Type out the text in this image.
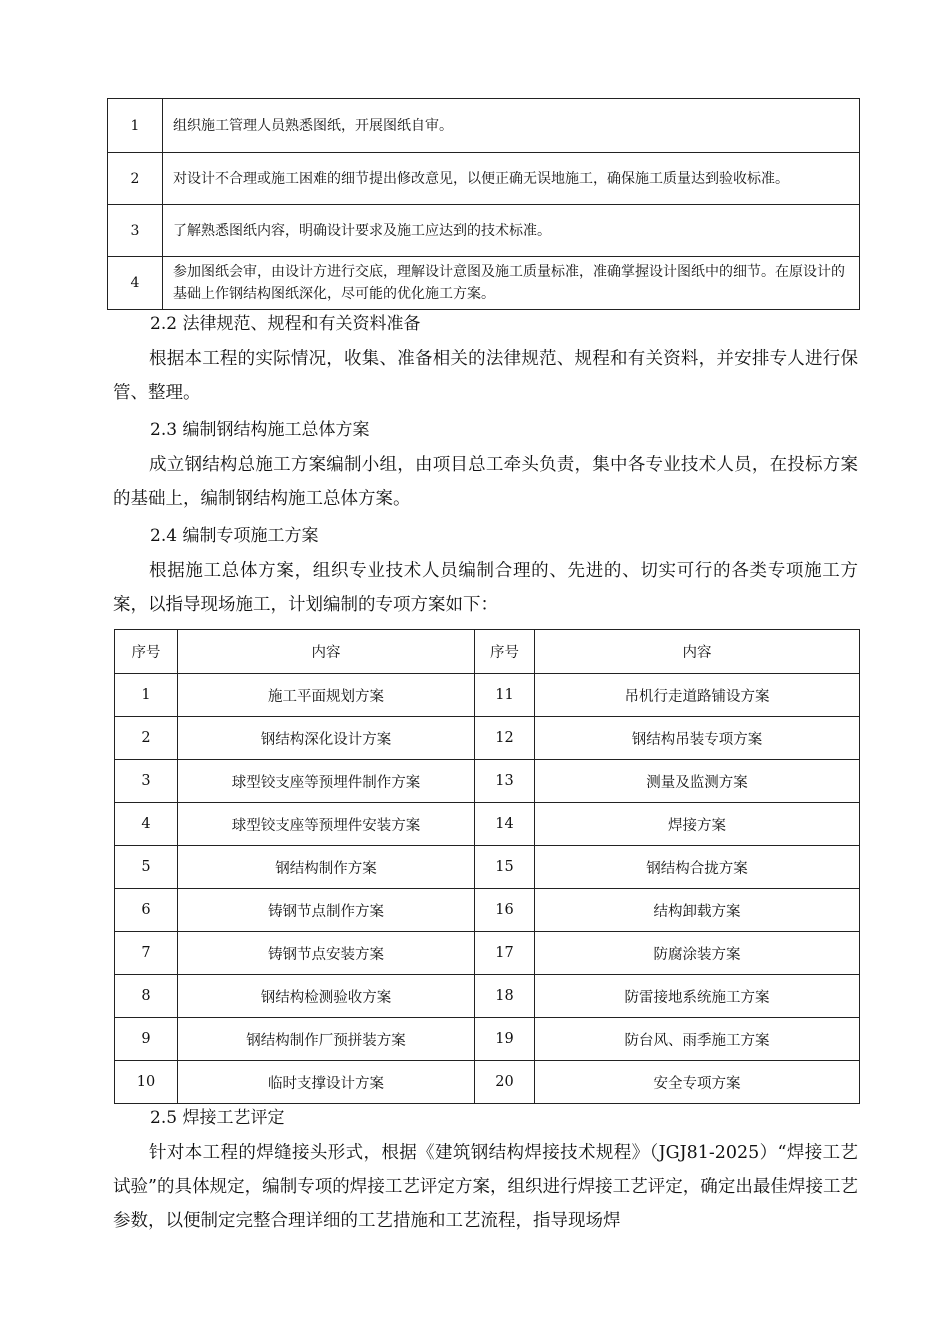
1	组织施工管理人员熟悉图纸，开展图纸自审。
2	对设计不合理或施工困难的细节提出修改意见，以便正确无误地施工，确保施工质量达到验收标准。
3	了解熟悉图纸内容，明确设计要求及施工应达到的技术标准。
4	参加图纸会审，由设计方进行交底，理解设计意图及施工质量标准，准确掌握设计图纸中的细节。在原设计的基础上作钢结构图纸深化，尽可能的优化施工方案。
2.2 法律规范、规程和有关资料准备
根据本工程的实际情况，收集、准备相关的法律规范、规程和有关资料，并安排专人进行保管、整理。
2.3 编制钢结构施工总体方案
成立钢结构总施工方案编制小组，由项目总工牵头负责，集中各专业技术人员，在投标方案的基础上，编制钢结构施工总体方案。
2.4 编制专项施工方案
根据施工总体方案，组织专业技术人员编制合理的、先进的、切实可行的各类专项施工方案，以指导现场施工，计划编制的专项方案如下：
序号	内容	序号	内容
1	施工平面规划方案	11	吊机行走道路铺设方案
2	钢结构深化设计方案	12	钢结构吊装专项方案
3	球型铰支座等预埋件制作方案	13	测量及监测方案
4	球型铰支座等预埋件安装方案	14	焊接方案
5	钢结构制作方案	15	钢结构合拢方案
6	铸钢节点制作方案	16	结构卸载方案
7	铸钢节点安装方案	17	防腐涂装方案
8	钢结构检测验收方案	18	防雷接地系统施工方案
9	钢结构制作厂预拼装方案	19	防台风、雨季施工方案
10	临时支撑设计方案	20	安全专项方案
2.5 焊接工艺评定
针对本工程的焊缝接头形式，根据《建筑钢结构焊接技术规程》（JGJ81-2025）“焊接工艺试验”的具体规定，编制专项的焊接工艺评定方案，组织进行焊接工艺评定，确定出最佳焊接工艺参数，以便制定完整合理详细的工艺措施和工艺流程，指导现场焊
